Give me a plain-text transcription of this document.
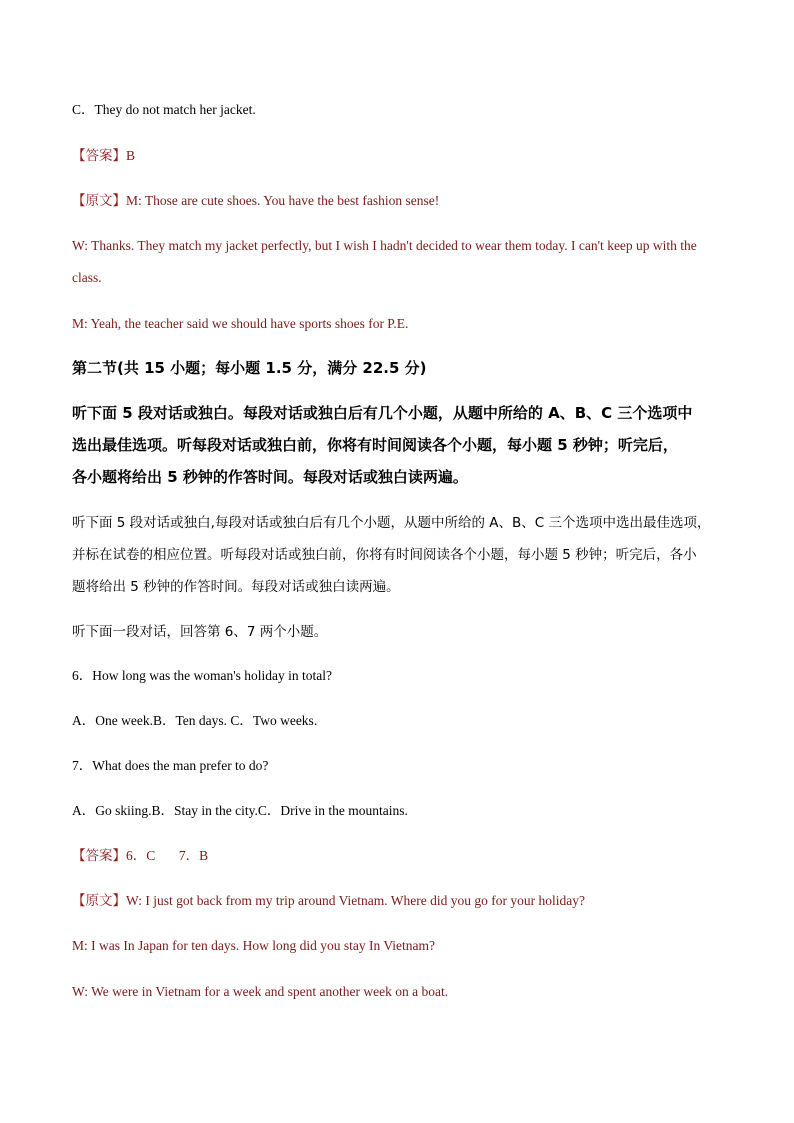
C．They do not match her jacket.
【答案】B
【原文】M: Those are cute shoes. You have the best fashion sense!
W: Thanks. They match my jacket perfectly, but I wish I hadn't decided to wear them today. I can't keep up with the
class.
M: Yeah, the teacher said we should have sports shoes for P.E.
第二节(共 15 小题；每小题 1.5 分，满分 22.5 分)
听下面 5 段对话或独白。每段对话或独白后有几个小题，从题中所给的 A、B、C 三个选项中
选出最佳选项。听每段对话或独白前，你将有时间阅读各个小题，每小题 5 秒钟；听完后，
各小题将给出 5 秒钟的作答时间。每段对话或独白读两遍。
听下面 5 段对话或独白,每段对话或独白后有几个小题，从题中所给的 A、B、C 三个选项中选出最佳选项，
并标在试卷的相应位置。听每段对话或独白前，你将有时间阅读各个小题，每小题 5 秒钟；听完后，各小
题将给出 5 秒钟的作答时间。每段对话或独白读两遍。
听下面一段对话，回答第 6、7 两个小题。
6．How long was the woman's holiday in total?
A．One week.B．Ten days. C．Two weeks.
7．What does the man prefer to do?
A．Go skiing.B．Stay in the city.C．Drive in the mountains.
【答案】6．C       7．B
【原文】W: I just got back from my trip around Vietnam. Where did you go for your holiday?
M: I was In Japan for ten days. How long did you stay In Vietnam?
W: We were in Vietnam for a week and spent another week on a boat.
